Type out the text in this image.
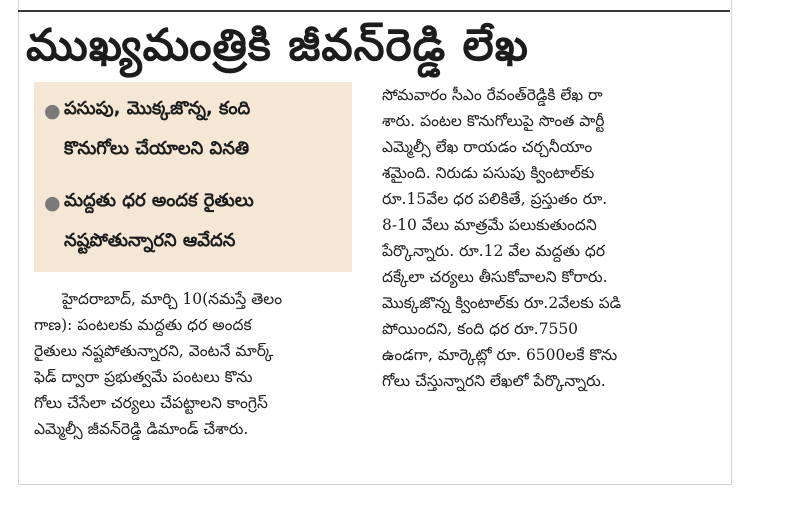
ముఖ్యమంత్రికి జీవన్‌రెడ్డి లేఖ
● పసుపు, మొక్కజొన్న, కంది
కొనుగోలు చేయాలని వినతి
● మద్దతు ధర అందక రైతులు
నష్టపోతున్నారని ఆవేదన
హైదరాబాద్, మార్చి 10(నమస్తే తెలం
గాణ): పంటలకు మద్దతు ధర అందక
రైతులు నష్టపోతున్నారని, వెంటనే మార్క్
ఫెడ్ ద్వారా ప్రభుత్వమే పంటలు కొను
గోలు చేసేలా చర్యలు చేపట్టాలని కాంగ్రెస్
ఎమ్మెల్సీ జీవన్‌రెడ్డి డిమాండ్ చేశారు.
సోమవారం సీఎం రేవంత్‌రెడ్డికి లేఖ రా
శారు. పంటల కొనుగోలుపై సొంత పార్టీ
ఎమ్మెల్సీ లేఖ రాయడం చర్చనీయాం
శమైంది. నిరుడు పసుపు క్వింటాల్‌కు
రూ.15వేల ధర పలికితే, ప్రస్తుతం రూ.
8-10 వేలు మాత్రమే పలుకుతుందని
పేర్కొన్నారు. రూ.12 వేల మద్దతు ధర
దక్కేలా చర్యలు తీసుకోవాలని కోరారు.
మొక్కజొన్న క్వింటాల్‌కు రూ.2వేలకు పడి
పోయిందని, కంది ధర రూ.7550
ఉండగా, మార్కెట్లో రూ. 6500లకే కొను
గోలు చేస్తున్నారని లేఖలో పేర్కొన్నారు.
